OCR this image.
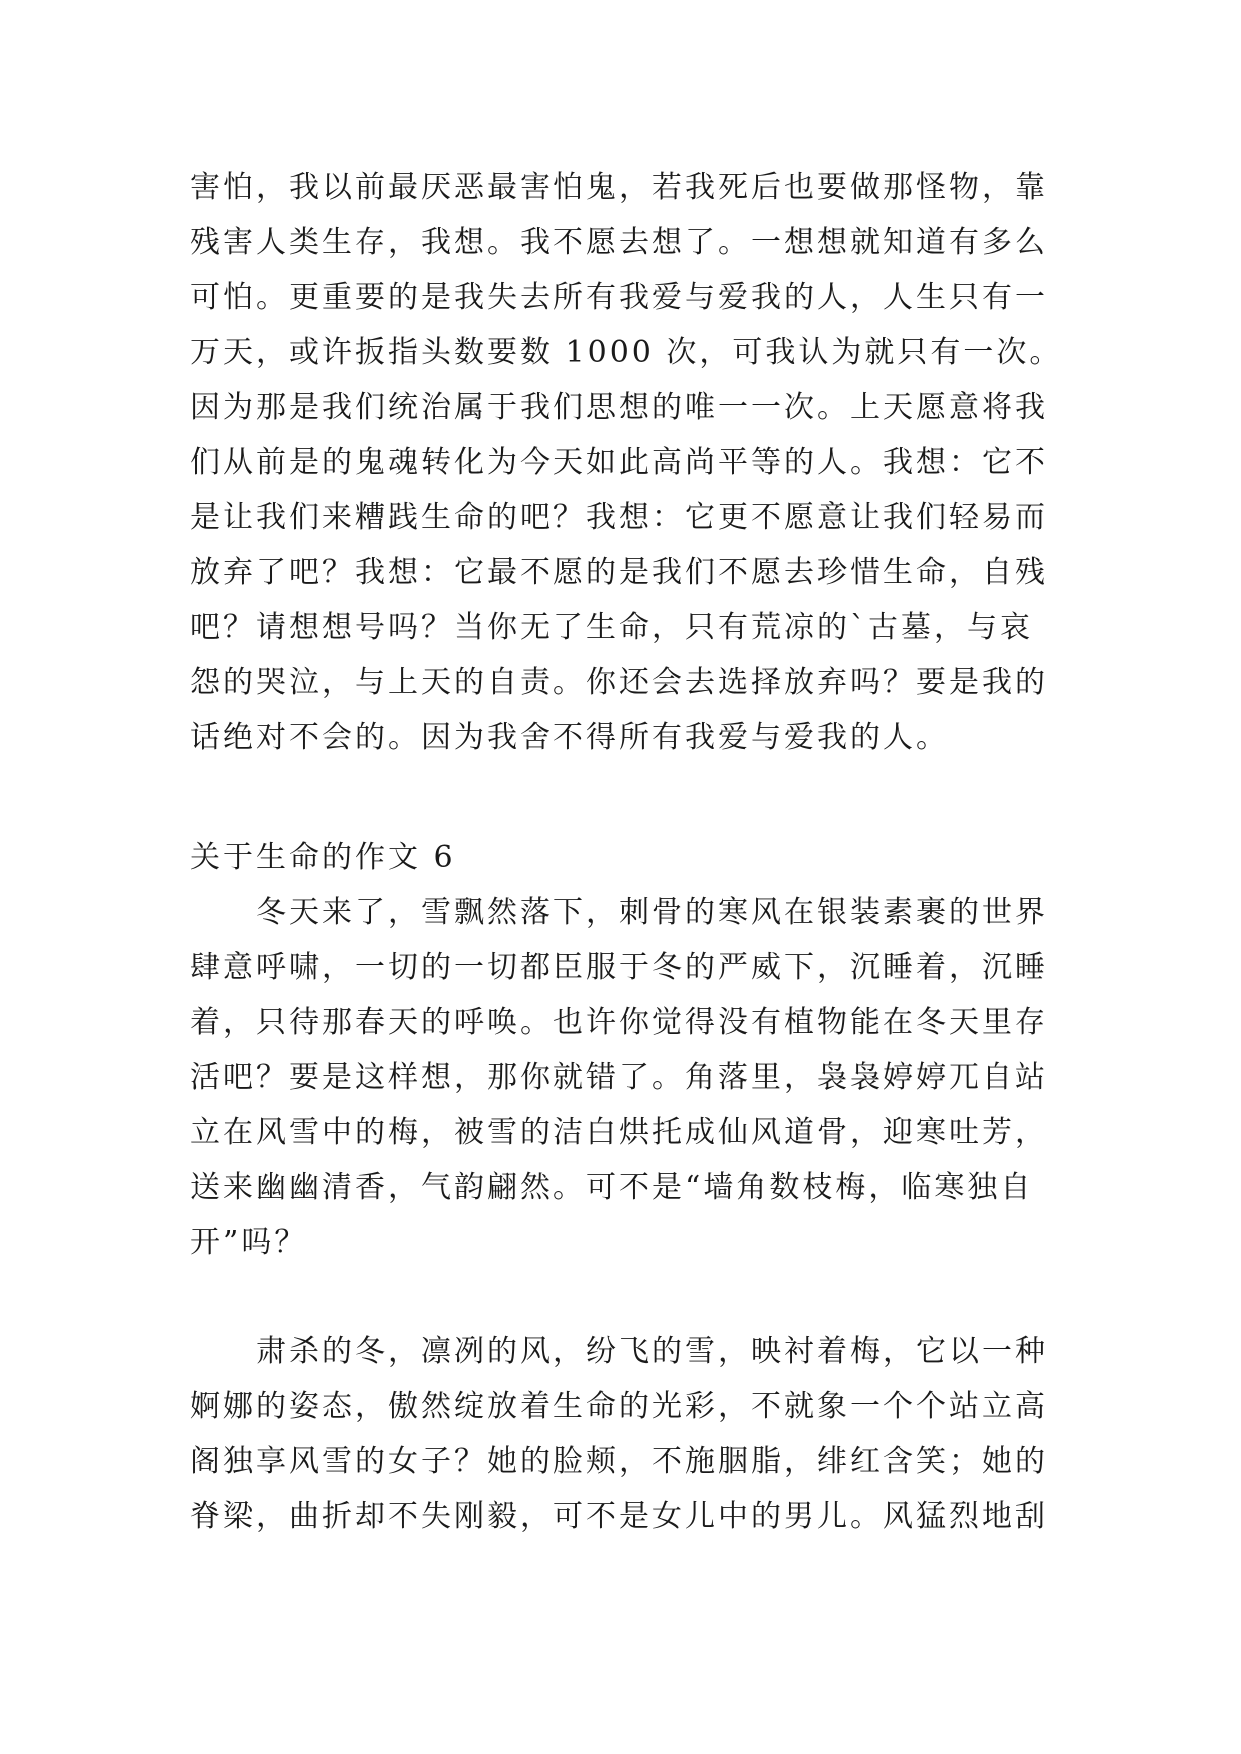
害怕，我以前最厌恶最害怕鬼，若我死后也要做那怪物，靠
残害人类生存，我想。我不愿去想了。一想想就知道有多么
可怕。更重要的是我失去所有我爱与爱我的人，人生只有一
万天，或许扳指头数要数 1000 次，可我认为就只有一次。
因为那是我们统治属于我们思想的唯一一次。上天愿意将我
们从前是的鬼魂转化为今天如此高尚平等的人。我想：它不
是让我们来糟践生命的吧？我想：它更不愿意让我们轻易而
放弃了吧？我想：它最不愿的是我们不愿去珍惜生命，自残
吧？请想想号吗？当你无了生命，只有荒凉的`古墓，与哀
怨的哭泣，与上天的自责。你还会去选择放弃吗？要是我的
话绝对不会的。因为我舍不得所有我爱与爱我的人。
关于生命的作文 6
冬天来了，雪飘然落下，刺骨的寒风在银装素裹的世界
肆意呼啸，一切的一切都臣服于冬的严威下，沉睡着，沉睡
着，只待那春天的呼唤。也许你觉得没有植物能在冬天里存
活吧？要是这样想，那你就错了。角落里，袅袅婷婷兀自站
立在风雪中的梅，被雪的洁白烘托成仙风道骨，迎寒吐芳，
送来幽幽清香，气韵翩然。可不是“墙角数枝梅，临寒独自
开”吗？
肃杀的冬，凛冽的风，纷飞的雪，映衬着梅，它以一种
婀娜的姿态，傲然绽放着生命的光彩，不就象一个个站立高
阁独享风雪的女子？她的脸颊，不施胭脂，绯红含笑；她的
脊梁，曲折却不失刚毅，可不是女儿中的男儿。风猛烈地刮
